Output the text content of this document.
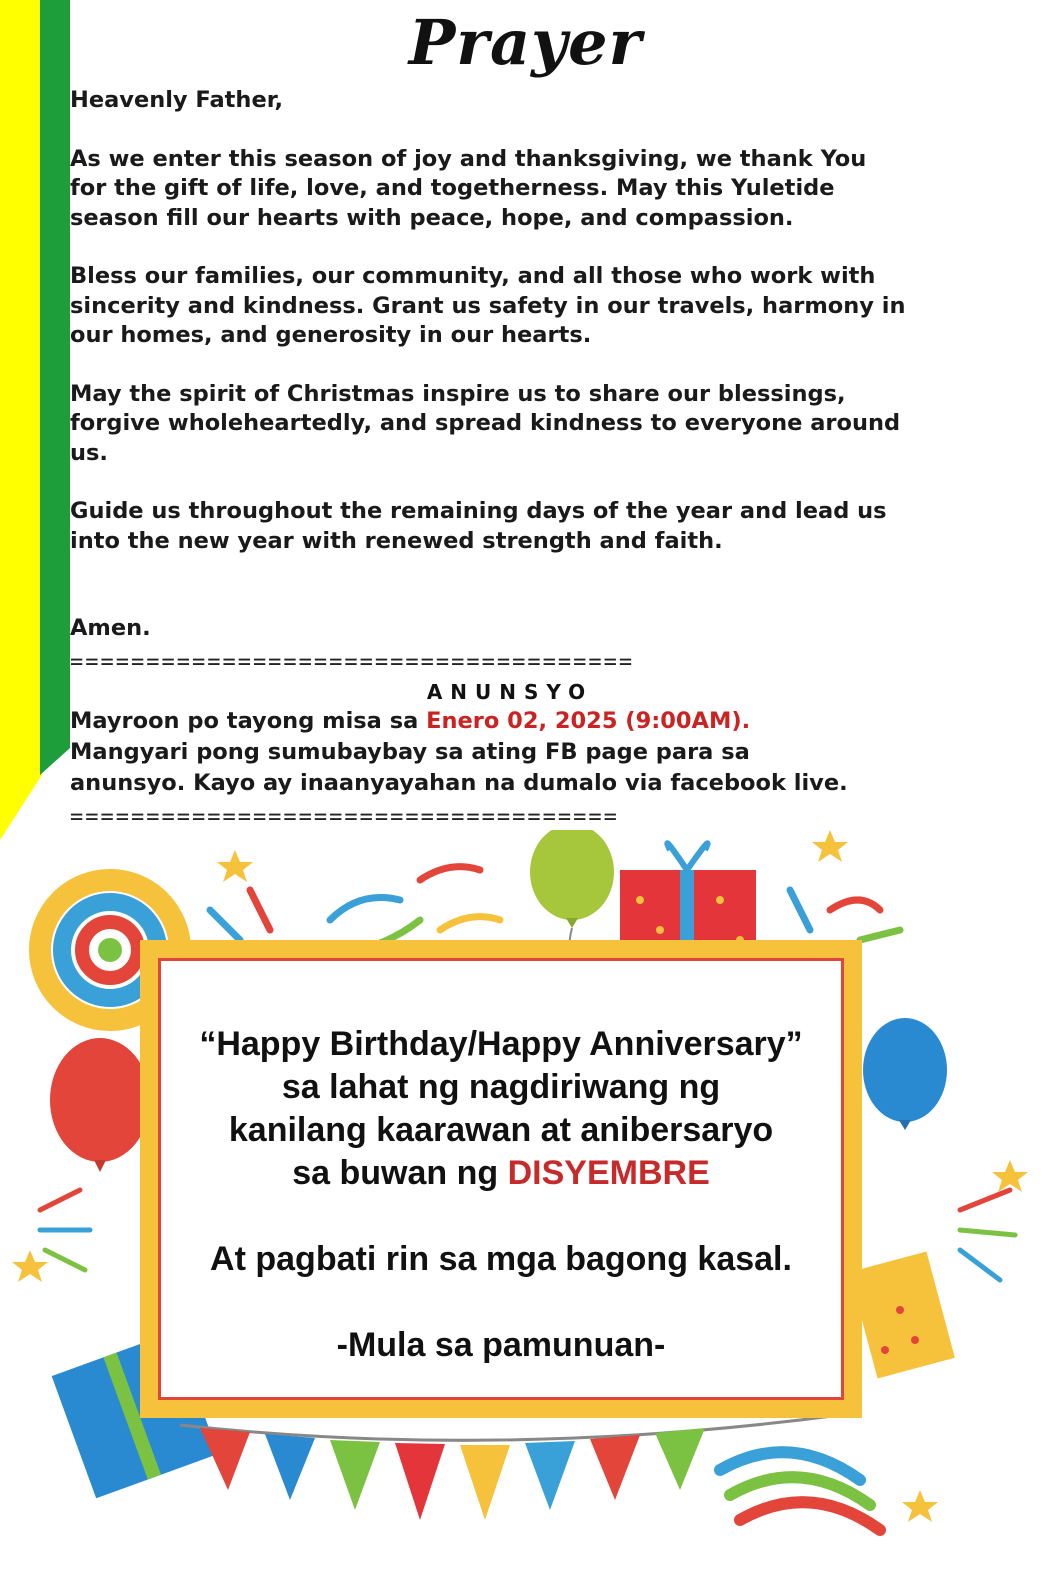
Prayer

Heavenly Father,

As we enter this season of joy and thanksgiving, we thank You

for the gift of life, love, and togetherness. May this Yuletide

season fill our hearts with peace, hope, and compassion.

Bless our families, our community, and all those who work with

sincerity and kindness. Grant us safety in our travels, harmony in

our homes, and generosity in our hearts.

May the spirit of Christmas inspire us to share our blessings,

forgive wholeheartedly, and spread kindness to everyone around

us.

Guide us throughout the remaining days of the year and lead us

into the new year with renewed strength and faith.

Amen.

=====================================
ANUNSYO
Mayroon po tayong misa sa Enero 02, 2025 (9:00AM).
Mangyari pong sumubaybay sa ating FB page para sa
anunsyo. Kayo ay inaanyayahan na dumalo via facebook live.
====================================
“Happy Birthday/Happy Anniversary”
sa lahat ng nagdiriwang ng
kanilang kaarawan at anibersaryo
sa buwan ng DISYEMBRE
At pagbati rin sa mga bagong kasal.
-Mula sa pamunuan-
